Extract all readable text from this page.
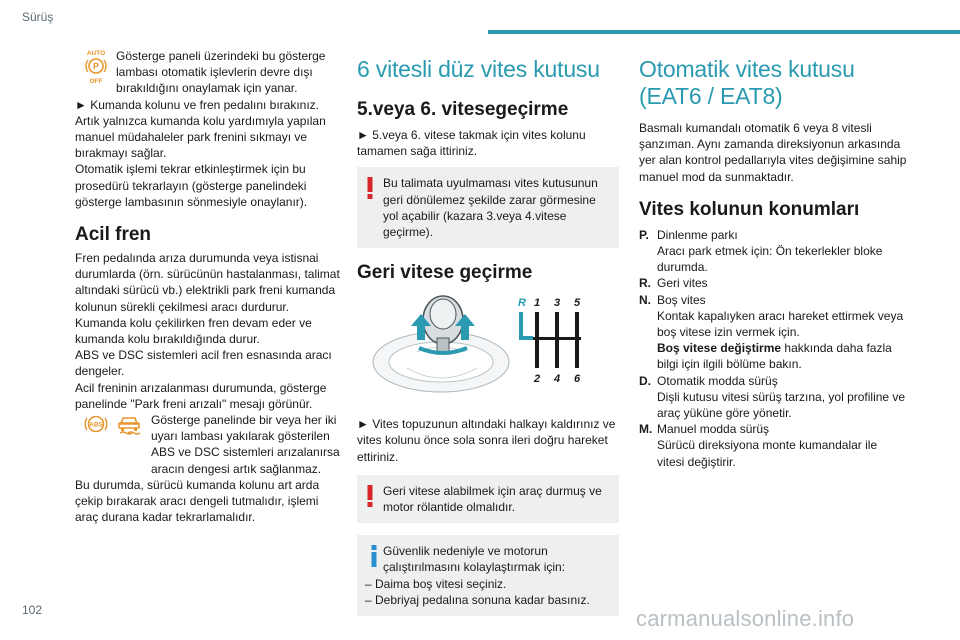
Sürüş
AUTO
P
OFF

Gösterge paneli üzerindeki bu gösterge lambası otomatik işlevlerin devre dışı bırakıldığını onaylamak için yanar.

► Kumanda kolunu ve fren pedalını bırakınız. Artık yalnızca kumanda kolu yardımıyla yapılan manuel müdahaleler park frenini sıkmayı ve bırakmayı sağlar.

Otomatik işlemi tekrar etkinleştirmek için bu prosedürü tekrarlayın (gösterge panelindeki gösterge lambasının sönmesiyle onaylanır).

Acil fren

Fren pedalında arıza durumunda veya istisnai durumlarda (örn. sürücünün hastalanması, talimat altındaki sürücü vb.) elektrikli park freni kumanda kolunun sürekli çekilmesi aracı durdurur. Kumanda kolu çekilirken fren devam eder ve kumanda kolu bırakıldığında durur.

ABS ve DSC sistemleri acil fren esnasında aracı dengeler.

Acil freninin arızalanması durumunda, gösterge panelinde "Park freni arızalı" mesajı görünür.

ABS	Gösterge panelinde bir veya her iki uyarı lambası yakılarak gösterilen ABS ve DSC sistemleri arızalanırsa aracın dengesi artık sağlanmaz.

Bu durumda, sürücü kumanda kolunu art arda çekip bırakarak aracı dengeli tutmalıdır, işlemi araç durana kadar tekrarlamalıdır.

6 vitesli düz vites kutusu
5.veya 6. vitesegeçirme

► 5.veya 6. vitese takmak için vites kolunu tamamen sağa ittiriniz.

Bu talimata uyulmaması vites kutusunun geri dönülemez şekilde zarar görmesine yol açabilir (kazara 3.veya 4.vitese geçirme).

Geri vitese geçirme
R 1 3 5
2 4 6

► Vites topuzunun altındaki halkayı kaldırınız ve vites kolunu önce sola sonra ileri doğru hareket ettiriniz.

Geri vitese alabilmek için araç durmuş ve motor rölantide olmalıdır.

Güvenlik nedeniyle ve motorun çalıştırılmasını kolaylaştırmak için:

– Daima boş vitesi seçiniz.

– Debriyaj pedalına sonuna kadar basınız.

Otomatik vites kutusu (EAT6 / EAT8)

Basmalı kumandalı otomatik 6 veya 8 vitesli şanzıman. Aynı zamanda direksiyonun arkasında yer alan kontrol pedallarıyla vites değişimine sahip manuel mod da sunmaktadır.

Vites kolunun konumları
P. Dinlenme parkı
Aracı park etmek için: Ön tekerlekler bloke durumda.
R. Geri vites
N. Boş vites
Kontak kapalıyken aracı hareket ettirmek veya boş vitese izin vermek için.
Boş vitese değiştirme hakkında daha fazla bilgi için ilgili bölüme bakın.
D. Otomatik modda sürüş
Dişli kutusu vitesi sürüş tarzına, yol profiline ve araç yüküne göre yönetir.
M. Manuel modda sürüş
Sürücü direksiyona monte kumandalar ile vitesi değiştirir.
102	carmanualsonline.info
